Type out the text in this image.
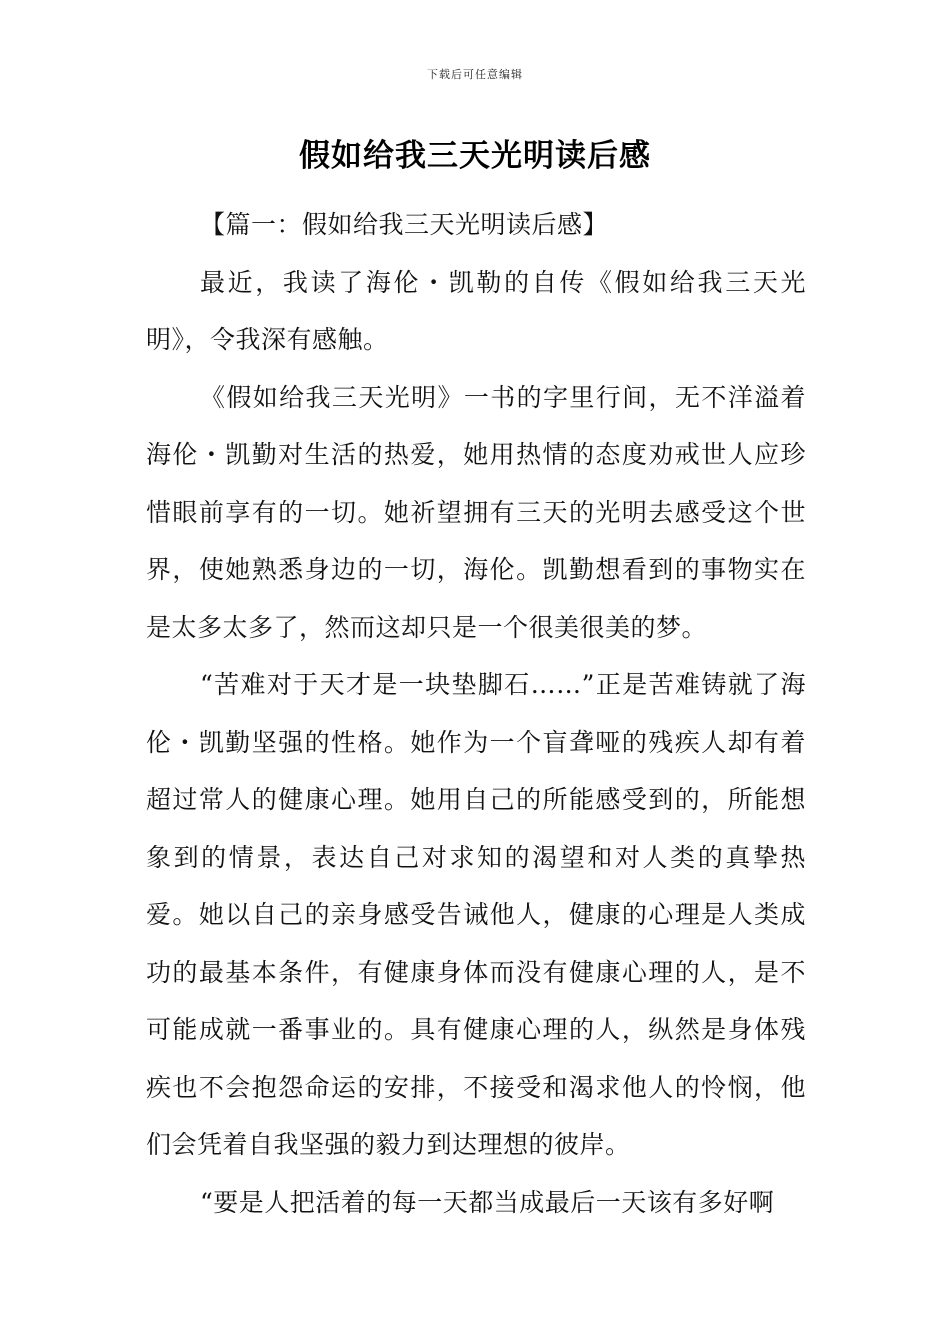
下载后可任意编辑
假如给我三天光明读后感

【篇一：假如给我三天光明读后感】

最近，我读了海伦・凯勒的自传《假如给我三天光明》，令我深有感触。

《假如给我三天光明》一书的字里行间，无不洋溢着海伦・凯勤对生活的热爱，她用热情的态度劝戒世人应珍惜眼前享有的一切。她祈望拥有三天的光明去感受这个世界，使她熟悉身边的一切，海伦。凯勤想看到的事物实在是太多太多了，然而这却只是一个很美很美的梦。

“苦难对于天才是一块垫脚石……”正是苦难铸就了海伦・凯勤坚强的性格。她作为一个盲聋哑的残疾人却有着超过常人的健康心理。她用自己的所能感受到的，所能想象到的情景，表达自己对求知的渴望和对人类的真挚热爱。她以自己的亲身感受告诫他人，健康的心理是人类成功的最基本条件，有健康身体而没有健康心理的人，是不可能成就一番事业的。具有健康心理的人，纵然是身体残疾也不会抱怨命运的安排，不接受和渴求他人的怜悯，他们会凭着自我坚强的毅力到达理想的彼岸。

“要是人把活着的每一天都当成最后一天该有多好啊
